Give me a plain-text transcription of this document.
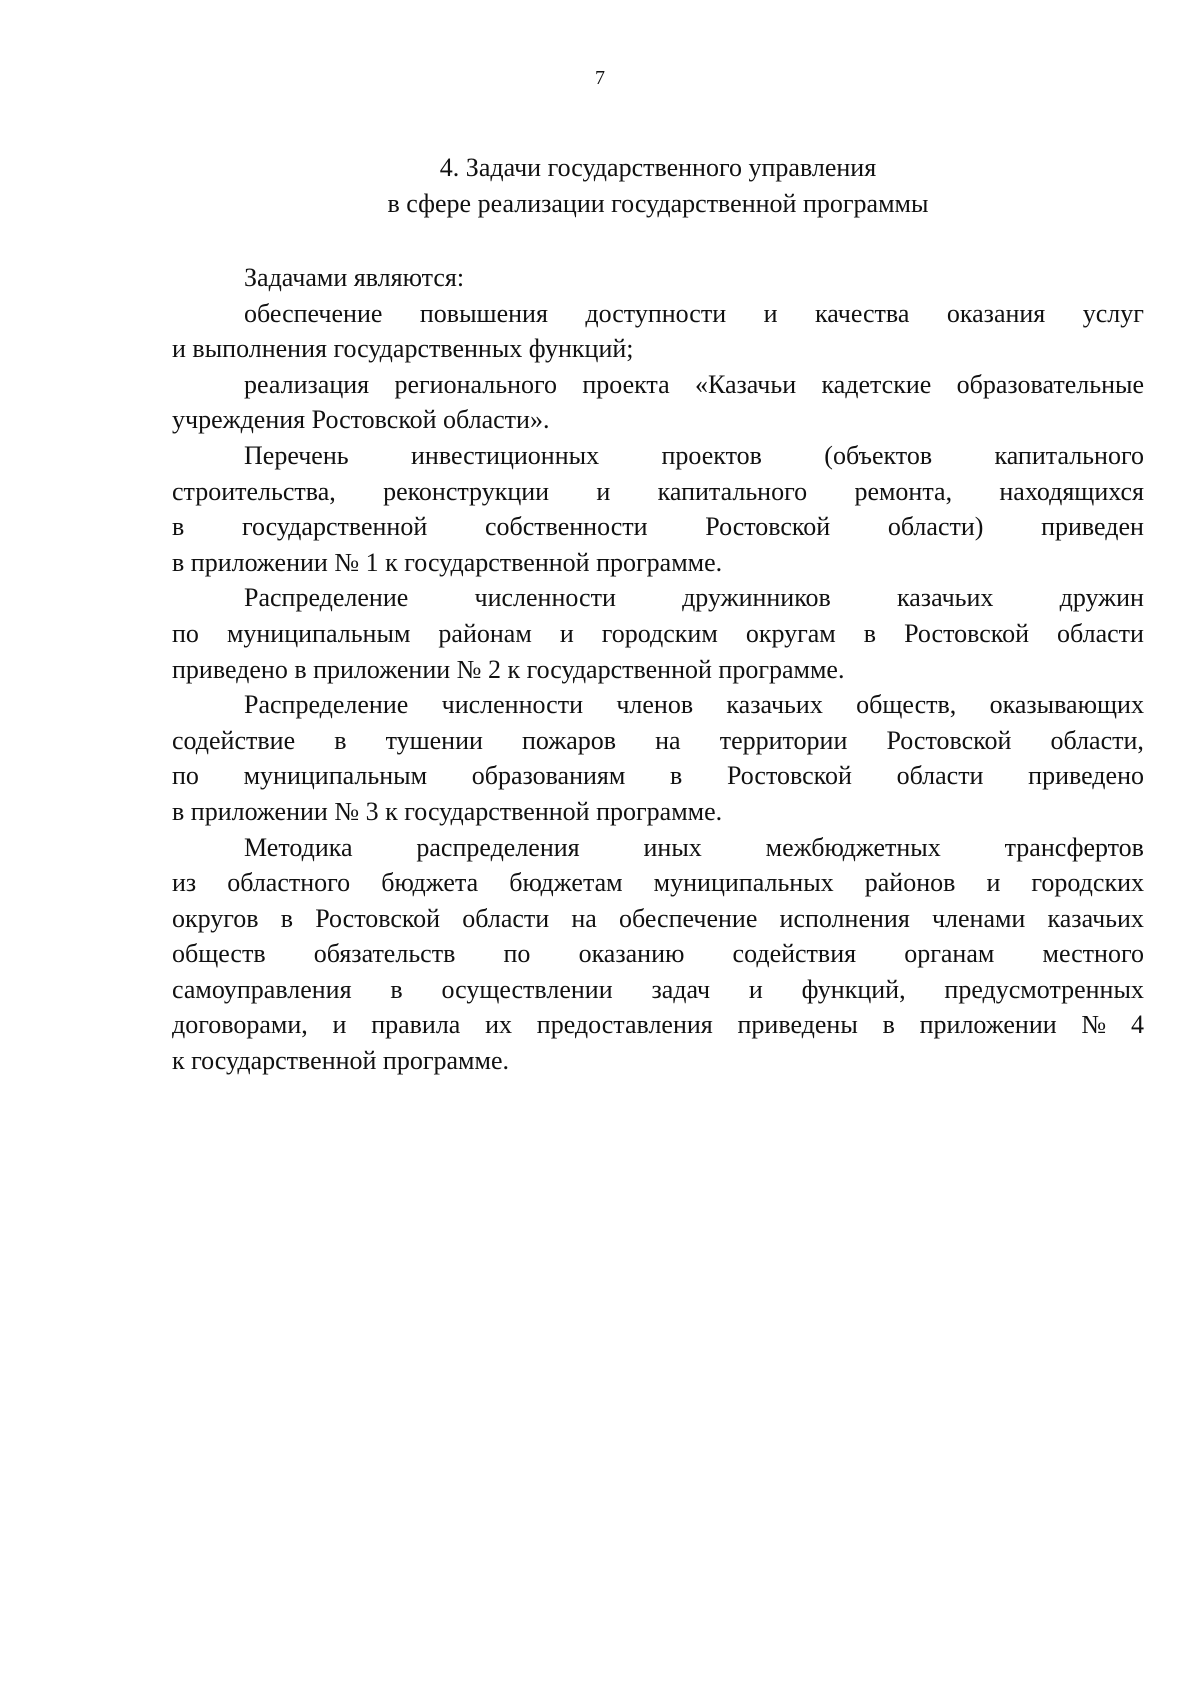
7
4. Задачи государственного управления
в сфере реализации государственной программы
Задачами являются:
обеспечение повышения доступности и качества оказания услуг
и выполнения государственных функций;
реализация регионального проекта «Казачьи кадетские образовательные
учреждения Ростовской области».
Перечень инвестиционных проектов (объектов капитального
строительства, реконструкции и капитального ремонта, находящихся
в государственной собственности Ростовской области) приведен
в приложении № 1 к государственной программе.
Распределение	численности	дружинников	казачьих	дружин
по муниципальным районам и городским округам в Ростовской области
приведено в приложении № 2 к государственной программе.
Распределение численности членов казачьих обществ, оказывающих
содействие в тушении пожаров на территории Ростовской области,
по муниципальным образованиям в Ростовской области приведено
в приложении № 3 к государственной программе.
Методика распределения иных межбюджетных трансфертов
из областного бюджета бюджетам муниципальных районов и городских
округов в Ростовской области на обеспечение исполнения членами казачьих
обществ обязательств по оказанию содействия органам местного
самоуправления в осуществлении задач и функций, предусмотренных
договорами, и правила их предоставления приведены в приложении № 4
к государственной программе.
